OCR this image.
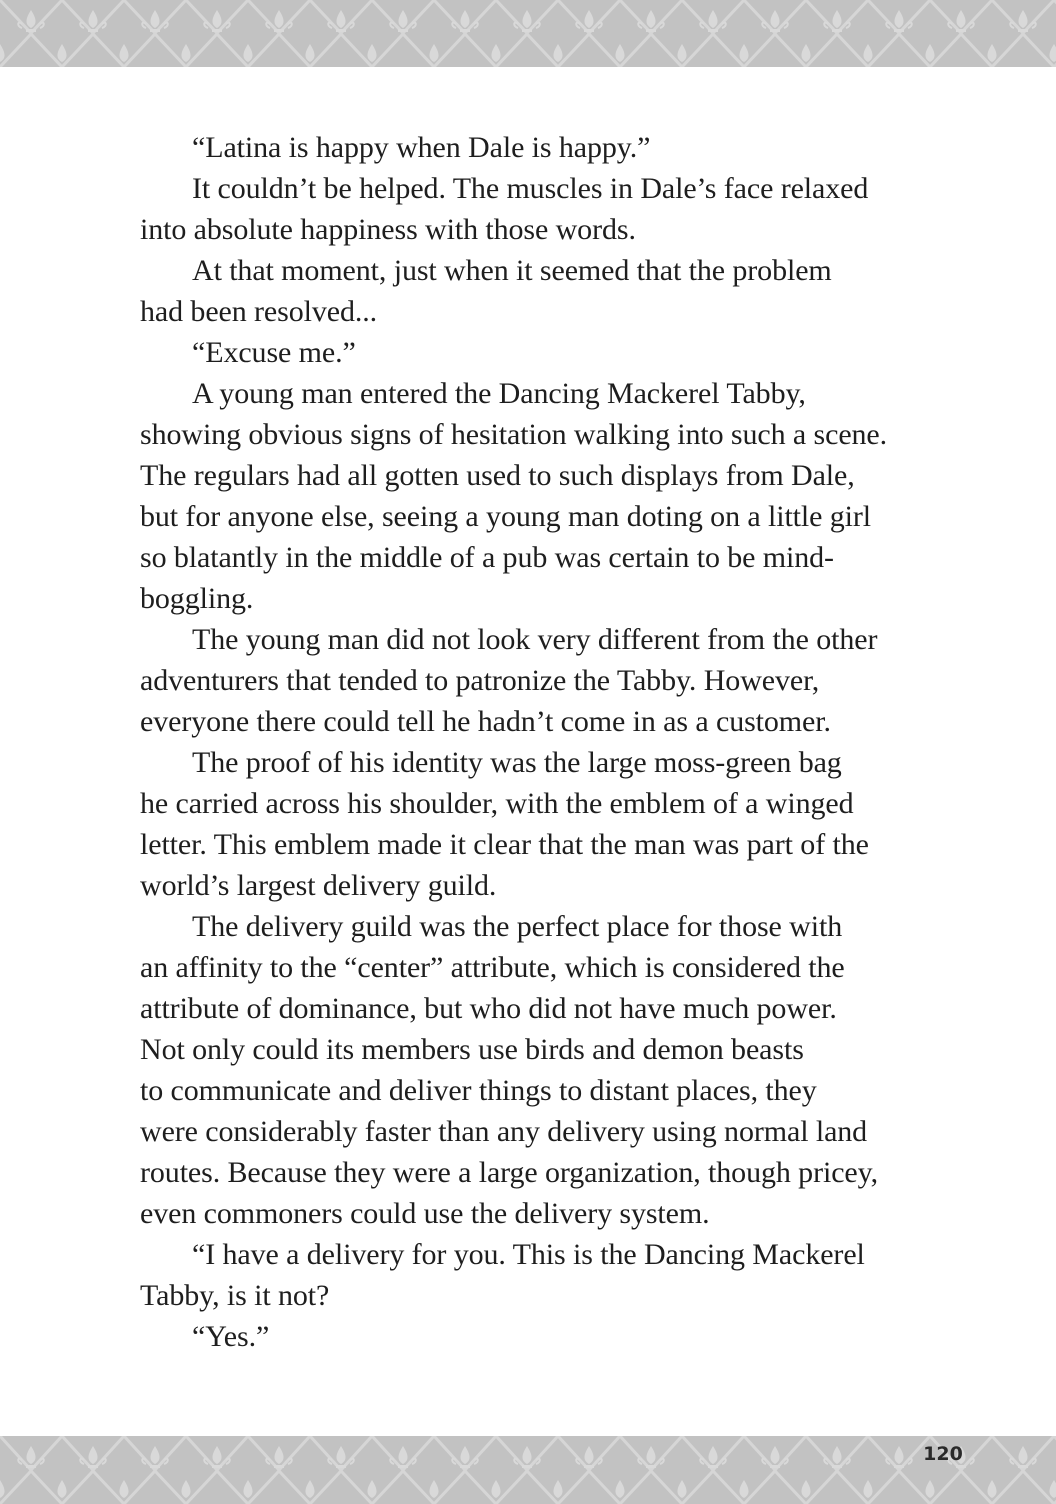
“Latina is happy when Dale is happy.”
It couldn’t be helped. The muscles in Dale’s face relaxed
into absolute happiness with those words.
At that moment, just when it seemed that the problem
had been resolved...
“Excuse me.”
A young man entered the Dancing Mackerel Tabby,
showing obvious signs of hesitation walking into such a scene.
The regulars had all gotten used to such displays from Dale,
but for anyone else, seeing a young man doting on a little girl
so blatantly in the middle of a pub was certain to be mind-
boggling.
The young man did not look very different from the other
adventurers that tended to patronize the Tabby. However,
everyone there could tell he hadn’t come in as a customer.
The proof of his identity was the large moss-green bag
he carried across his shoulder, with the emblem of a winged
letter. This emblem made it clear that the man was part of the
world’s largest delivery guild.
The delivery guild was the perfect place for those with
an affinity to the “center” attribute, which is considered the
attribute of dominance, but who did not have much power.
Not only could its members use birds and demon beasts
to communicate and deliver things to distant places, they
were considerably faster than any delivery using normal land
routes. Because they were a large organization, though pricey,
even commoners could use the delivery system.
“I have a delivery for you. This is the Dancing Mackerel
Tabby, is it not?
“Yes.”
120
